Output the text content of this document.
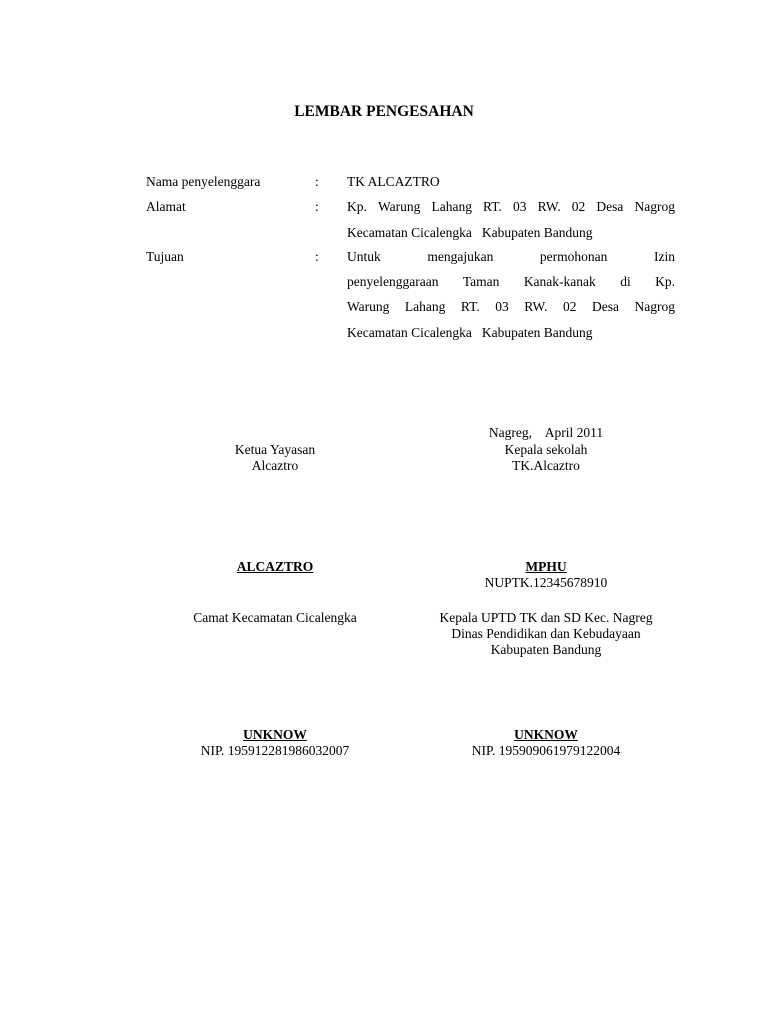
LEMBAR PENGESAHAN
Nama penyelenggara	: TK ALCAZTRO
Alamat	: Kp. Warung Lahang RT. 03 RW. 02 Desa Nagrog
Kecamatan Cicalengka   Kabupaten Bandung
Tujuan	: Untuk	mengajukan	permohonan	Izin
penyelenggaraan Taman Kanak-kanak di Kp.
Warung Lahang RT. 03 RW. 02 Desa Nagrog
Kecamatan Cicalengka   Kabupaten Bandung
Nagreg,    April 2011
Ketua Yayasan
Alcaztro
Kepala sekolah
TK.Alcaztro
ALCAZTRO	MPHU
NUPTK.12345678910
Camat Kecamatan Cicalengka	Kepala UPTD TK dan SD Kec. Nagreg
Dinas Pendidikan dan Kebudayaan
Kabupaten Bandung
UNKNOW
NIP. 195912281986032007
UNKNOW
NIP. 195909061979122004
